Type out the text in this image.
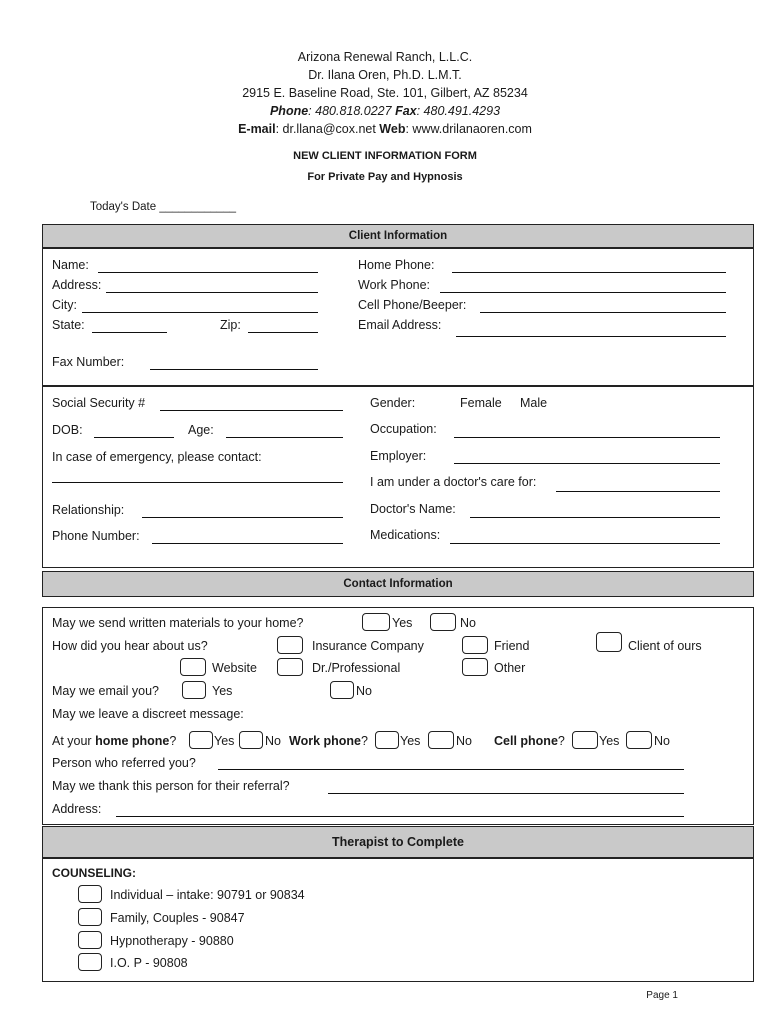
Arizona Renewal Ranch, L.L.C.
Dr. Ilana Oren, Ph.D. L.M.T.
2915 E. Baseline Road, Ste. 101, Gilbert, AZ 85234
Phone: 480.818.0227 Fax: 480.491.4293
E-mail: dr.llana@cox.net Web: www.drilanaoren.com
NEW CLIENT INFORMATION FORM
For Private Pay and Hypnosis
Today's Date ____________
Client Information
Name:
Address:
City:
State:	Zip:
Fax Number:
Home Phone:
Work Phone:
Cell Phone/Beeper:
Email Address:
Social Security #
DOB:	Age:
In case of emergency, please contact:
Relationship:
Phone Number:
Gender:	Female Male
Occupation:
Employer:
I am under a doctor's care for:
Doctor's Name:
Medications:
Contact Information
May we send written materials to your home?	Yes	No
How did you hear about us?	Insurance Company	Friend	Client of ours
Website	Dr./Professional	Other
May we email you?	Yes	No
May we leave a discreet message:
At your home phone?	Yes No Work phone?	Yes	No Cell phone?	Yes	No
Person who referred you?
May we thank this person for their referral?
Address:
Therapist to Complete
COUNSELING:
Individual – intake: 90791 or 90834
Family, Couples - 90847
Hypnotherapy - 90880
I.O. P - 90808
Page 1
